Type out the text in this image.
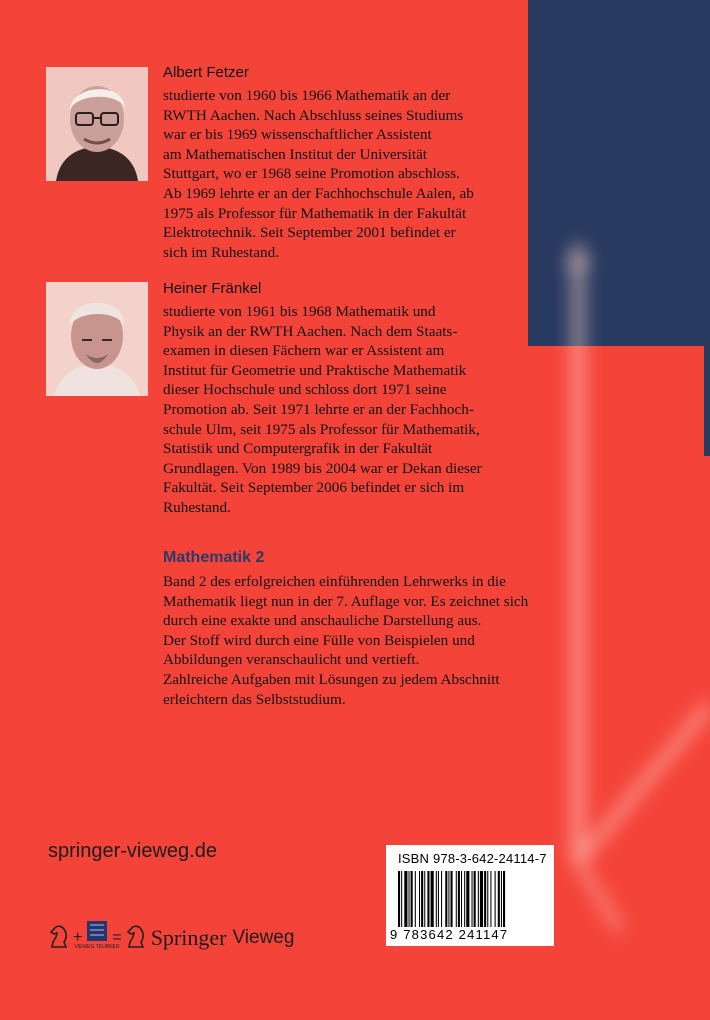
Albert Fetzer

studierte von 1960 bis 1966 Mathematik an der
RWTH Aachen. Nach Abschluss seines Studiums
war er bis 1969 wissenschaftlicher Assistent
am Mathematischen Institut der Universität
Stuttgart, wo er 1968 seine Promotion abschloss.
Ab 1969 lehrte er an der Fachhochschule Aalen, ab
1975 als Professor für Mathematik in der Fakultät
Elektrotechnik. Seit September 2001 befindet er
sich im Ruhestand.

Heiner Fränkel

studierte von 1961 bis 1968 Mathematik und
Physik an der RWTH Aachen. Nach dem Staats-
examen in diesen Fächern war er Assistent am
Institut für Geometrie und Praktische Mathematik
dieser Hochschule und schloss dort 1971 seine
Promotion ab. Seit 1971 lehrte er an der Fachhoch-
schule Ulm, seit 1975 als Professor für Mathematik,
Statistik und Computergrafik in der Fakultät
Grundlagen. Von 1989 bis 2004 war er Dekan dieser
Fakultät. Seit September 2006 befindet er sich im
Ruhestand.

Mathematik 2

Band 2 des erfolgreichen einführenden Lehrwerks in die
Mathematik liegt nun in der 7. Auflage vor. Es zeichnet sich
durch eine exakte und anschauliche Darstellung aus.
Der Stoff wird durch eine Fülle von Beispielen und
Abbildungen veranschaulicht und vertieft.
Zahlreiche Aufgaben mit Lösungen zu jedem Abschnitt
erleichtern das Selbststudium.

springer-vieweg.de
+
VIEWEG TEUBNER
= Springer Vieweg
ISBN 978-3-642-24114-7
9 783642 241147
